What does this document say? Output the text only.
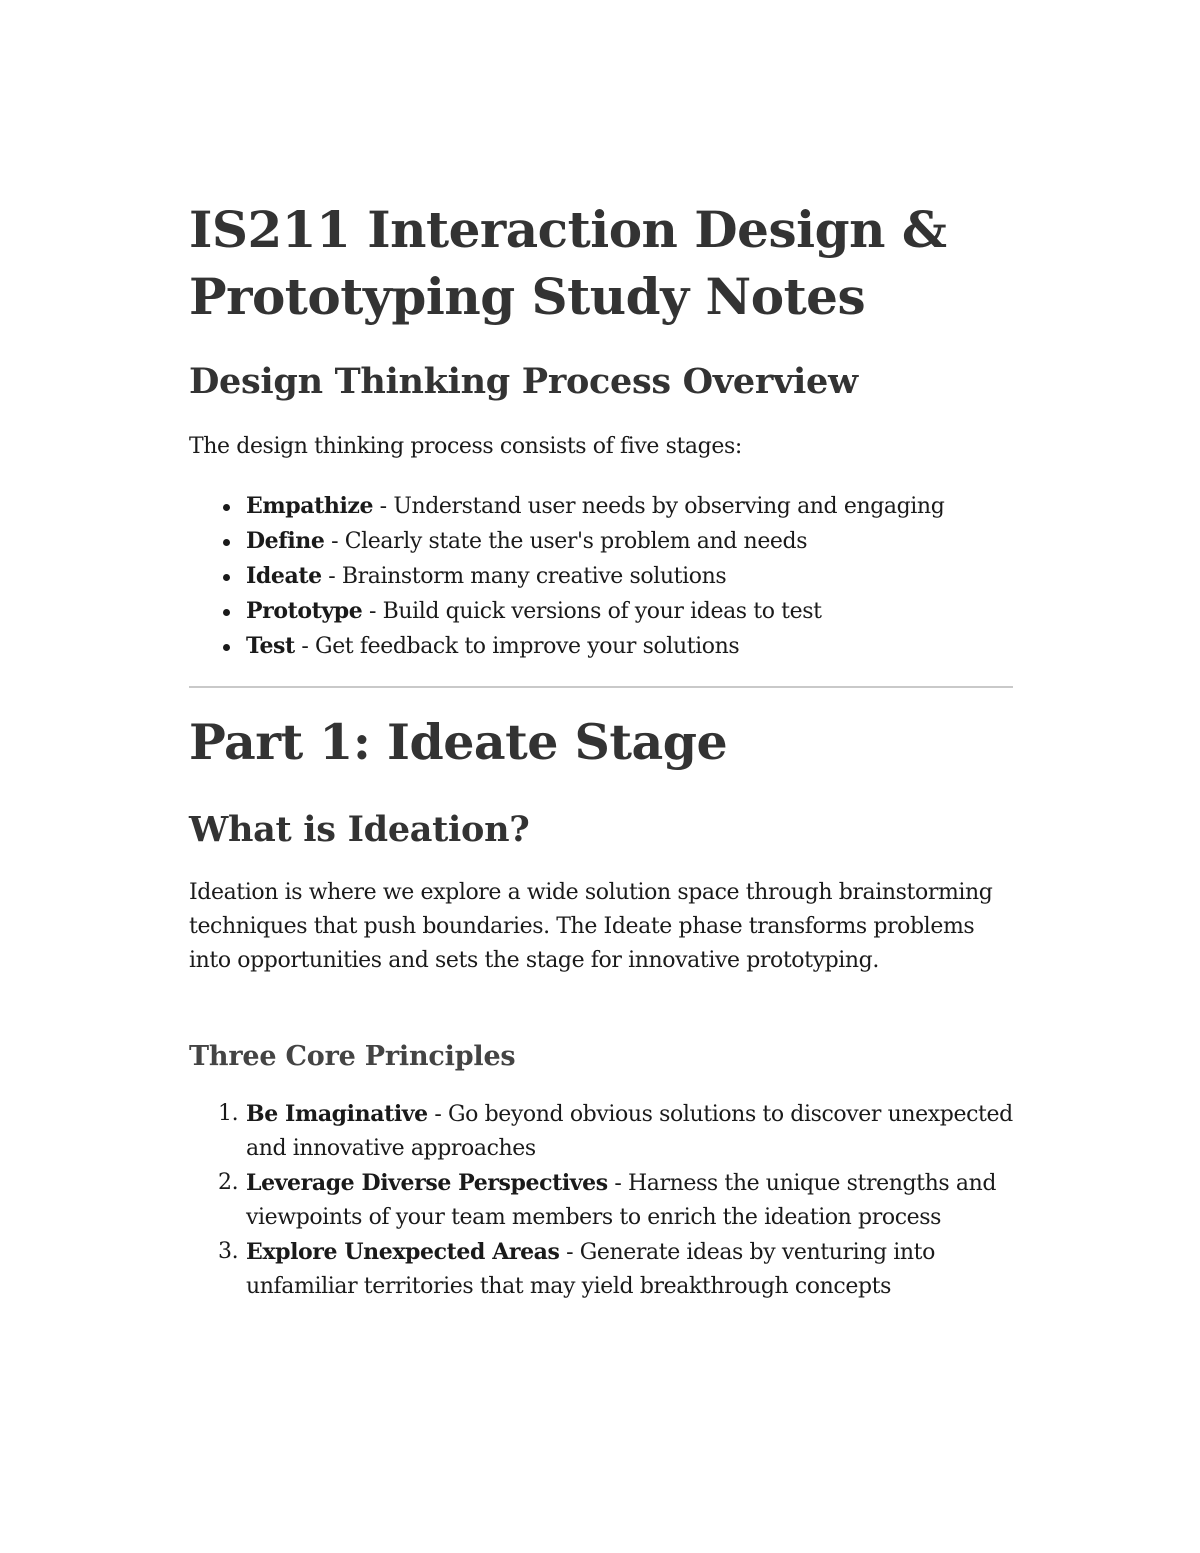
IS211 Interaction Design & Prototyping Study Notes
Design Thinking Process Overview

The design thinking process consists of five stages:

Empathize - Understand user needs by observing and engaging
Define - Clearly state the user's problem and needs
Ideate - Brainstorm many creative solutions
Prototype - Build quick versions of your ideas to test
Test - Get feedback to improve your solutions
Part 1: Ideate Stage
What is Ideation?

Ideation is where we explore a wide solution space through brainstorming techniques that push boundaries. The Ideate phase transforms problems into opportunities and sets the stage for innovative prototyping.

Three Core Principles
1. Be Imaginative - Go beyond obvious solutions to discover unexpected and innovative approaches
2. Leverage Diverse Perspectives - Harness the unique strengths and viewpoints of your team members to enrich the ideation process
3. Explore Unexpected Areas - Generate ideas by venturing into unfamiliar territories that may yield breakthrough concepts
